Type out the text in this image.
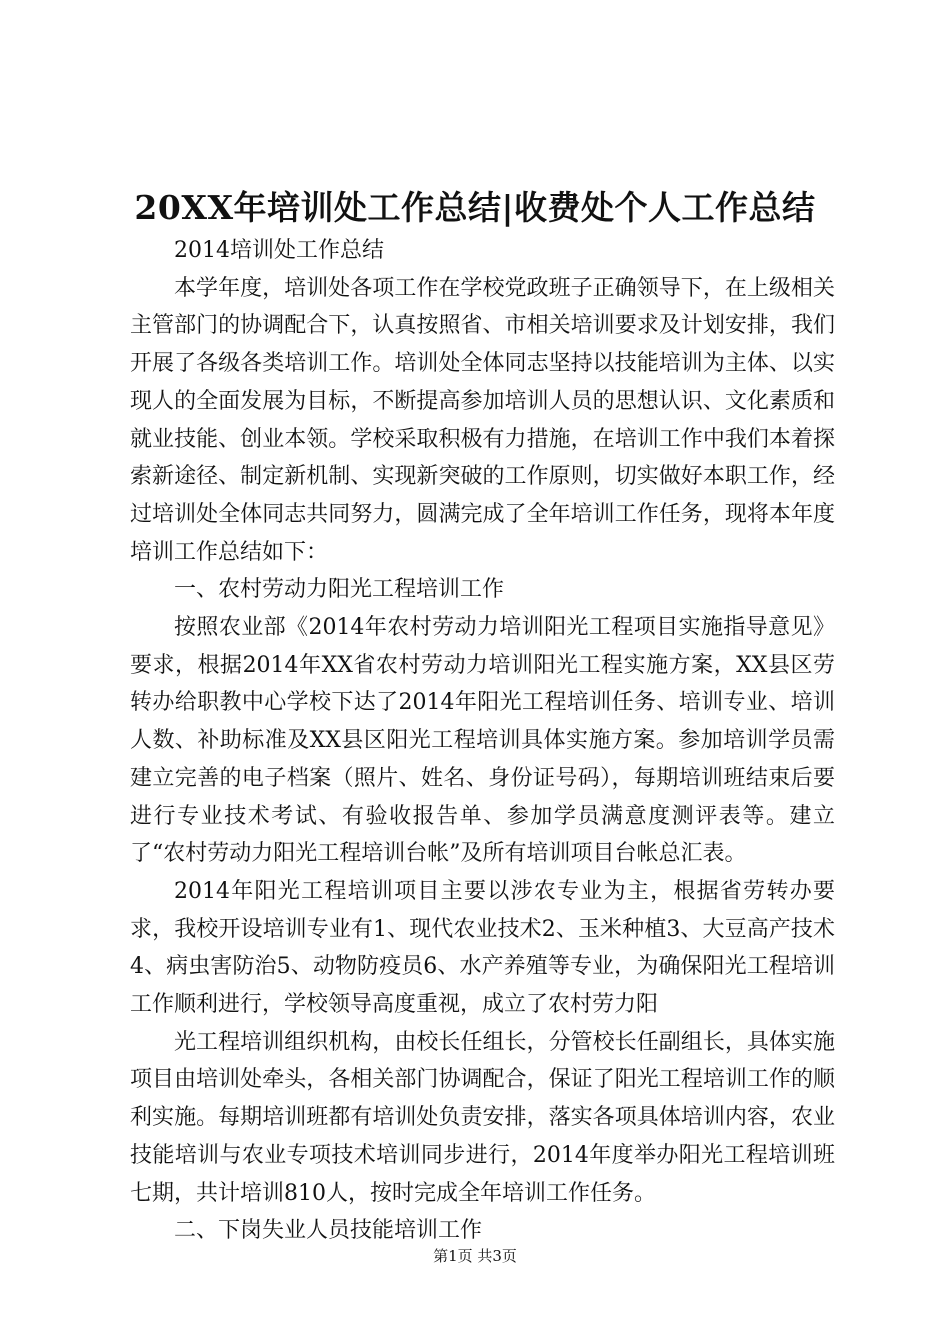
20XX年培训处工作总结|收费处个人工作总结

2014培训处工作总结

本学年度，培训处各项工作在学校党政班子正确领导下，在上级相关主管部门的协调配合下，认真按照省、市相关培训要求及计划安排，我们开展了各级各类培训工作。培训处全体同志坚持以技能培训为主体、以实现人的全面发展为目标，不断提高参加培训人员的思想认识、文化素质和就业技能、创业本领。学校采取积极有力措施，在培训工作中我们本着探索新途径、制定新机制、实现新突破的工作原则，切实做好本职工作，经过培训处全体同志共同努力，圆满完成了全年培训工作任务，现将本年度培训工作总结如下：

一、农村劳动力阳光工程培训工作

按照农业部《2014年农村劳动力培训阳光工程项目实施指导意见》要求，根据2014年XX省农村劳动力培训阳光工程实施方案，XX县区劳转办给职教中心学校下达了2014年阳光工程培训任务、培训专业、培训人数、补助标准及XX县区阳光工程培训具体实施方案。参加培训学员需建立完善的电子档案（照片、姓名、身份证号码），每期培训班结束后要进行专业技术考试、有验收报告单、参加学员满意度测评表等。建立了“农村劳动力阳光工程培训台帐”及所有培训项目台帐总汇表。

2014年阳光工程培训项目主要以涉农专业为主，根据省劳转办要求，我校开设培训专业有1、现代农业技术2、玉米种植3、大豆高产技术4、病虫害防治5、动物防疫员6、水产养殖等专业，为确保阳光工程培训工作顺利进行，学校领导高度重视，成立了农村劳力阳

光工程培训组织机构，由校长任组长，分管校长任副组长，具体实施项目由培训处牵头，各相关部门协调配合，保证了阳光工程培训工作的顺利实施。每期培训班都有培训处负责安排，落实各项具体培训内容，农业技能培训与农业专项技术培训同步进行，2014年度举办阳光工程培训班七期，共计培训810人，按时完成全年培训工作任务。

二、下岗失业人员技能培训工作

第1页 共3页
